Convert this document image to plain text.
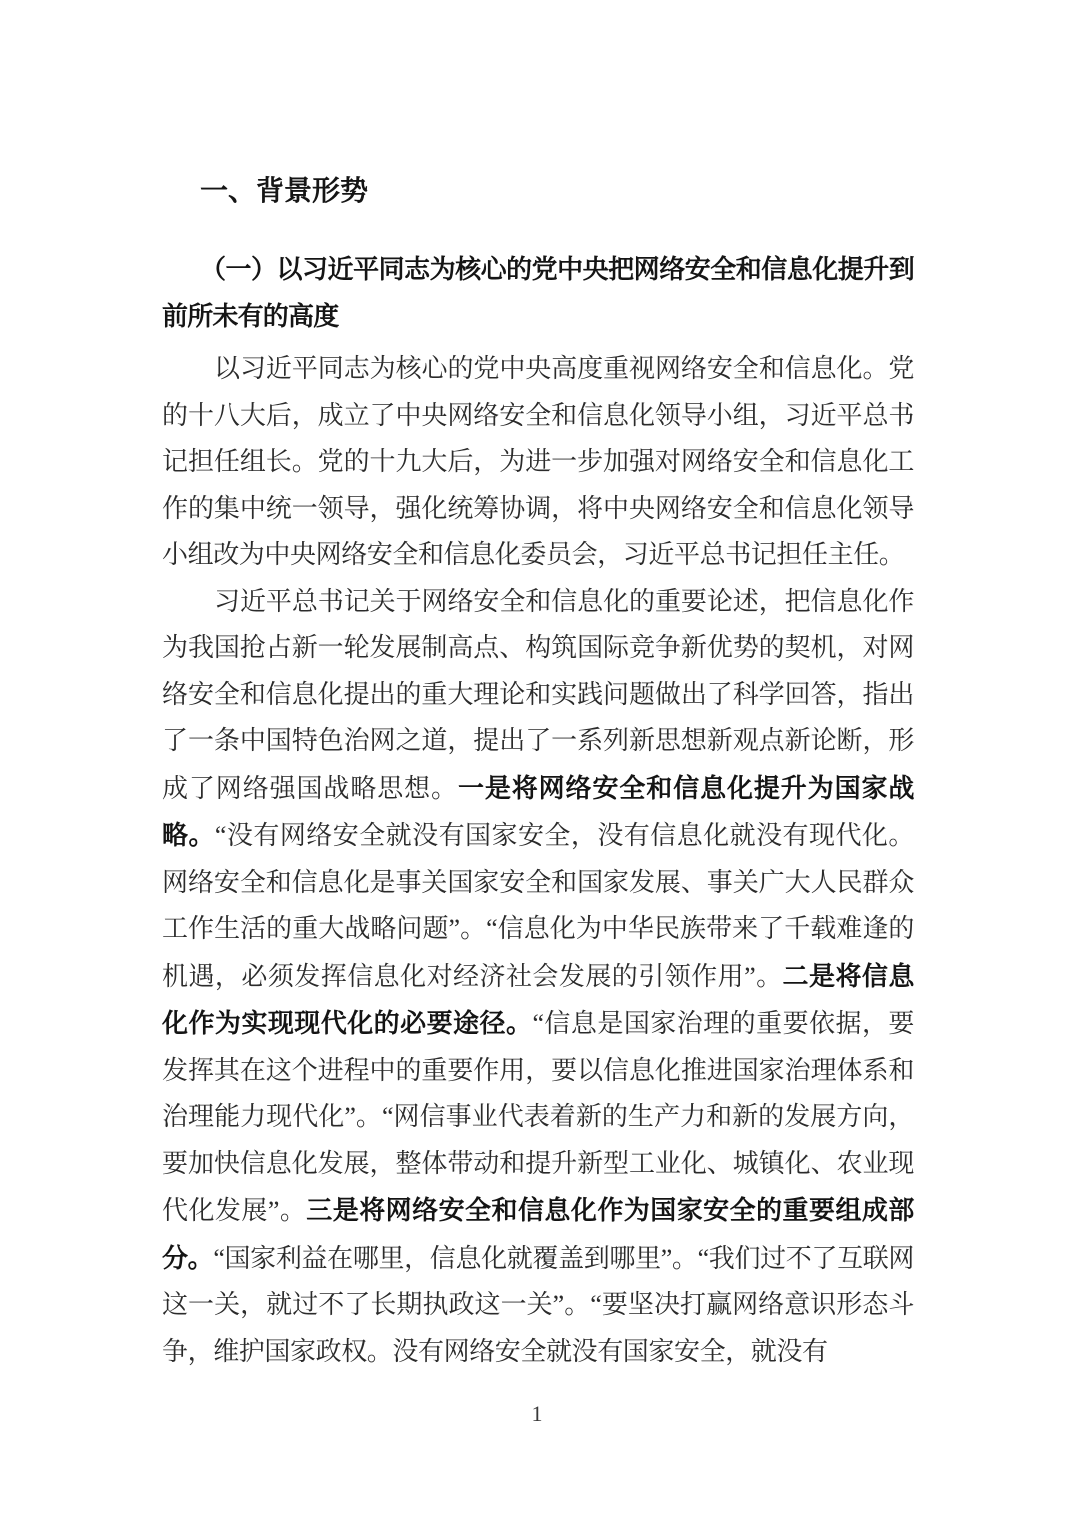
一、背景形势
（一）以习近平同志为核心的党中央把网络安全和信息化提升到前所未有的高度

以习近平同志为核心的党中央高度重视网络安全和信息化。党的十八大后，成立了中央网络安全和信息化领导小组，习近平总书记担任组长。党的十九大后，为进一步加强对网络安全和信息化工作的集中统一领导，强化统筹协调，将中央网络安全和信息化领导小组改为中央网络安全和信息化委员会，习近平总书记担任主任。

习近平总书记关于网络安全和信息化的重要论述，把信息化作为我国抢占新一轮发展制高点、构筑国际竞争新优势的契机，对网络安全和信息化提出的重大理论和实践问题做出了科学回答，指出了一条中国特色治网之道，提出了一系列新思想新观点新论断，形成了网络强国战略思想。一是将网络安全和信息化提升为国家战略。“没有网络安全就没有国家安全，没有信息化就没有现代化。网络安全和信息化是事关国家安全和国家发展、事关广大人民群众工作生活的重大战略问题”。“信息化为中华民族带来了千载难逢的机遇，必须发挥信息化对经济社会发展的引领作用”。二是将信息化作为实现现代化的必要途径。“信息是国家治理的重要依据，要发挥其在这个进程中的重要作用，要以信息化推进国家治理体系和治理能力现代化”。“网信事业代表着新的生产力和新的发展方向，要加快信息化发展，整体带动和提升新型工业化、城镇化、农业现代化发展”。三是将网络安全和信息化作为国家安全的重要组成部分。“国家利益在哪里，信息化就覆盖到哪里”。“我们过不了互联网这一关，就过不了长期执政这一关”。“要坚决打赢网络意识形态斗争，维护国家政权。没有网络安全就没有国家安全，就没有

1
